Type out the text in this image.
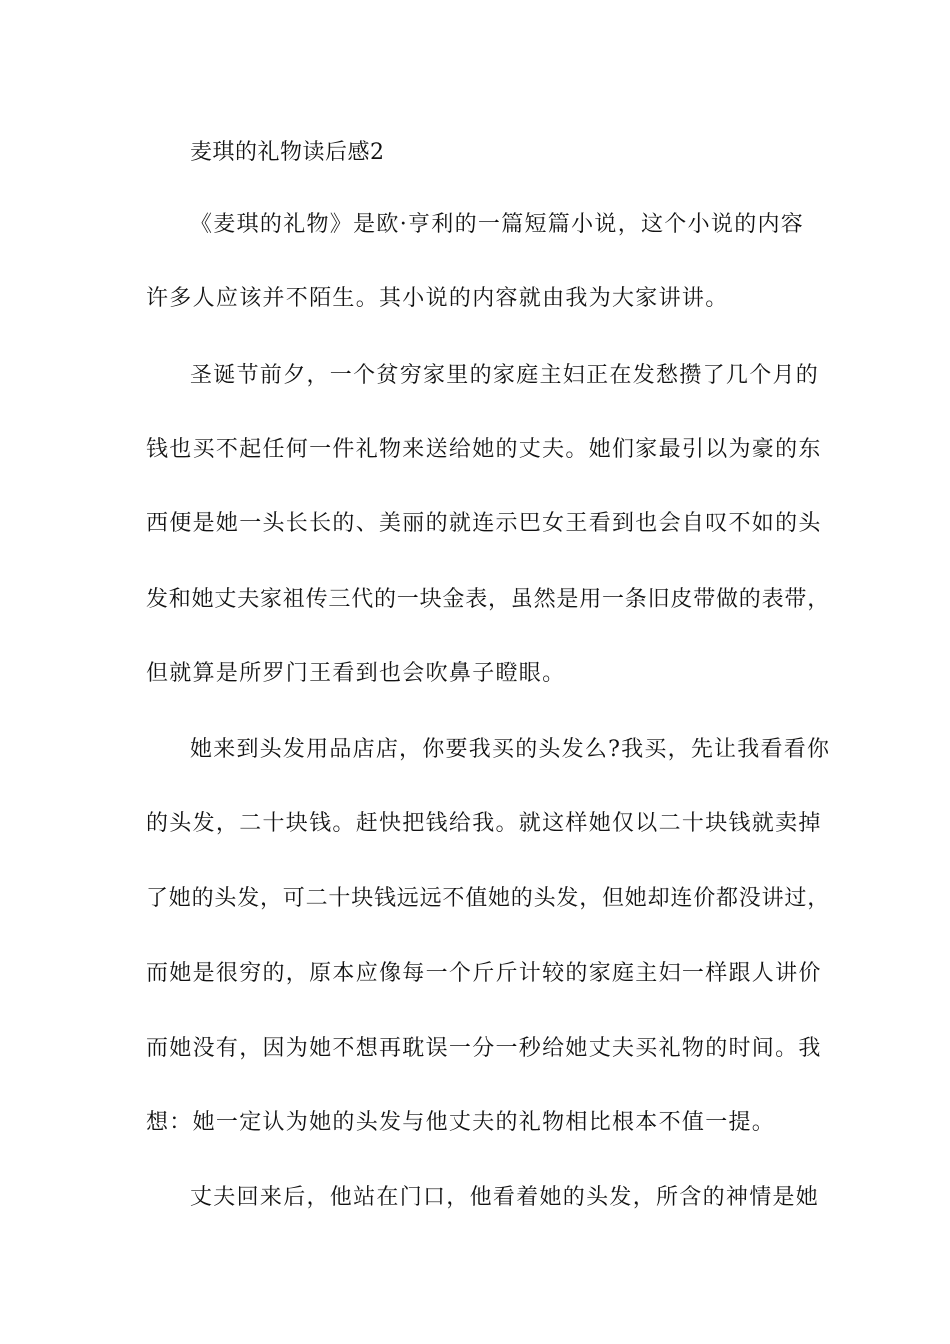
麦琪的礼物读后感2
《麦琪的礼物》是欧·亨利的一篇短篇小说，这个小说的内容
许多人应该并不陌生。其小说的内容就由我为大家讲讲。
圣诞节前夕，一个贫穷家里的家庭主妇正在发愁攒了几个月的
钱也买不起任何一件礼物来送给她的丈夫。她们家最引以为豪的东
西便是她一头长长的、美丽的就连示巴女王看到也会自叹不如的头
发和她丈夫家祖传三代的一块金表，虽然是用一条旧皮带做的表带，
但就算是所罗门王看到也会吹鼻子瞪眼。
她来到头发用品店店，你要我买的头发么?我买，先让我看看你
的头发，二十块钱。赶快把钱给我。就这样她仅以二十块钱就卖掉
了她的头发，可二十块钱远远不值她的头发，但她却连价都没讲过，
而她是很穷的，原本应像每一个斤斤计较的家庭主妇一样跟人讲价
而她没有，因为她不想再耽误一分一秒给她丈夫买礼物的时间。我
想：她一定认为她的头发与他丈夫的礼物相比根本不值一提。
丈夫回来后，他站在门口，他看着她的头发，所含的神情是她
